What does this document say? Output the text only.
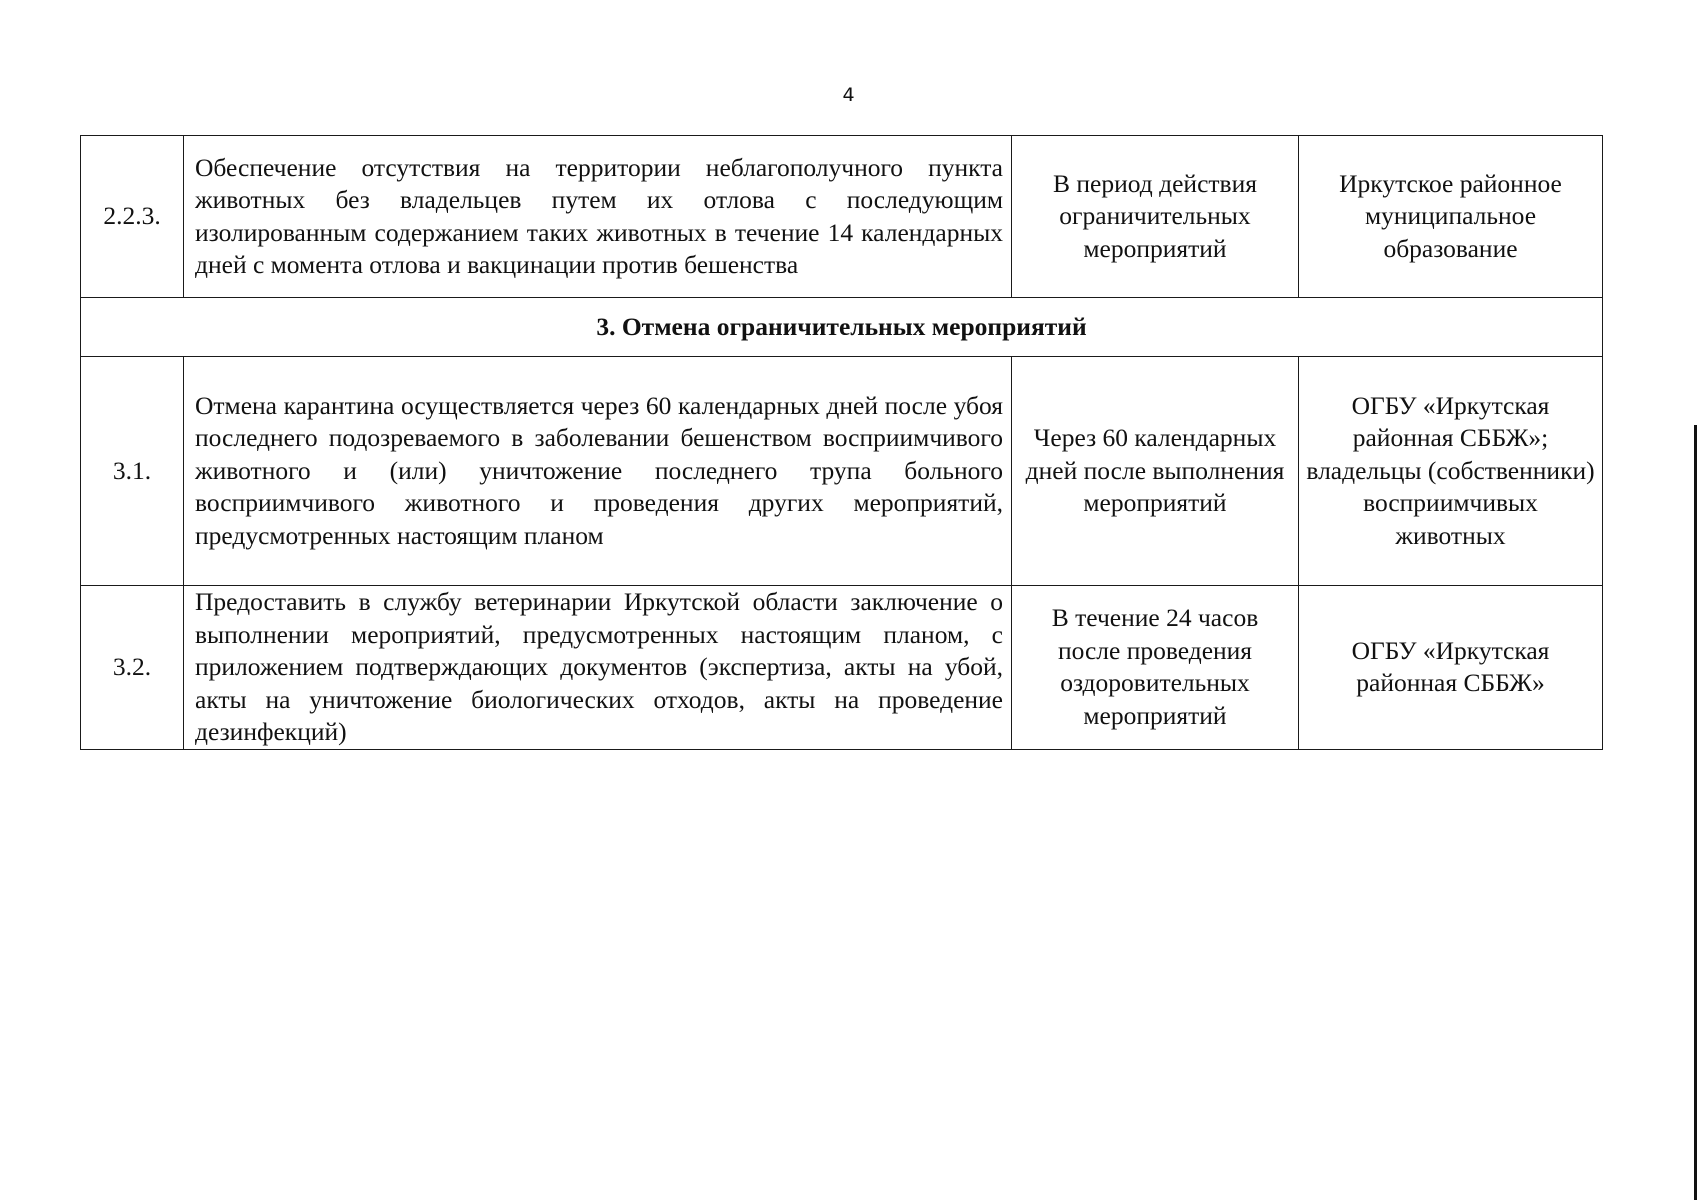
4
2.2.3.	Обеспечение отсутствия на территории неблагополучного пункта животных без владельцев путем их отлова с последующим изолированным содержанием таких животных в течение 14 календарных дней с момента отлова и вакцинации против бешенства	В период действия ограничительных мероприятий	Иркутское районное муниципальное образование
3. Отмена ограничительных мероприятий			
3.1.	Отмена карантина осуществляется через 60 календарных дней после убоя последнего подозреваемого в заболевании бешенством восприимчивого животного и (или) уничтожение последнего трупа больного восприимчивого животного и проведения других мероприятий, предусмотренных настоящим планом	Через 60 календарных дней после выполнения мероприятий	ОГБУ «Иркутская районная СББЖ»; владельцы (собственники) восприимчивых животных
3.2.	Предоставить в службу ветеринарии Иркутской области заключение о выполнении мероприятий, предусмотренных настоящим планом, с приложением подтверждающих документов (экспертиза, акты на убой, акты на уничтожение биологических отходов, акты на проведение дезинфекций)	В течение 24 часов после проведения оздоровительных мероприятий	ОГБУ «Иркутская районная СББЖ»
